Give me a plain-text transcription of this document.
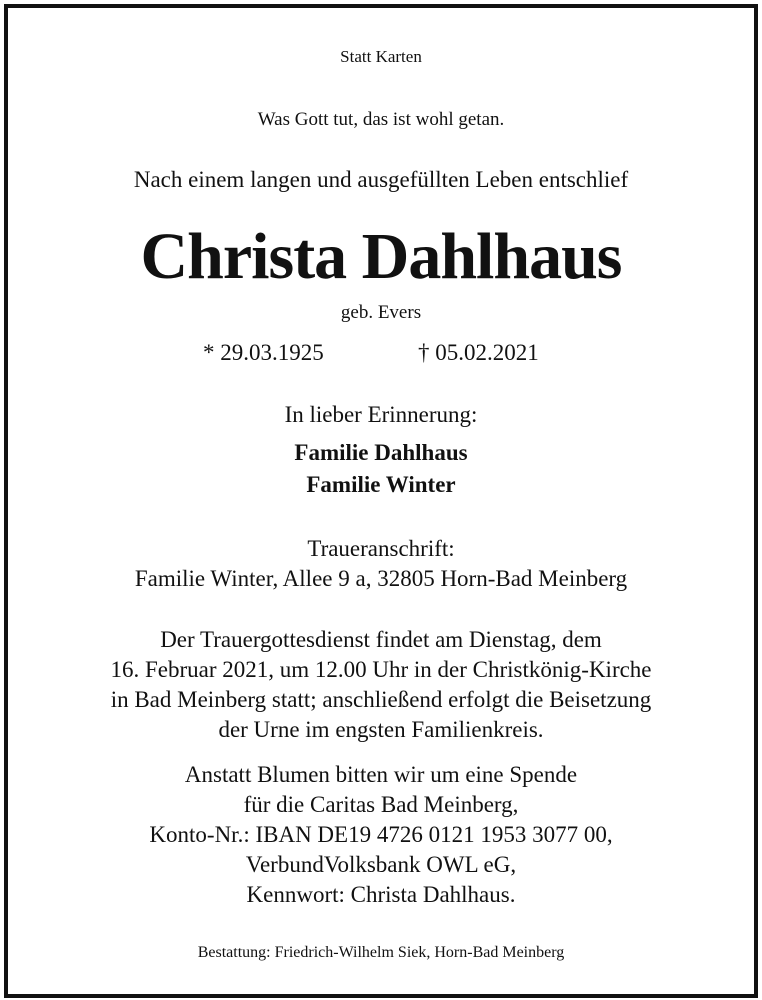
Statt Karten
Was Gott tut, das ist wohl getan.
Nach einem langen und ausgefüllten Leben entschlief
Christa Dahlhaus
geb. Evers
* 29.03.1925	† 05.02.2021
In lieber Erinnerung:
Familie Dahlhaus
Familie Winter
Traueranschrift:
Familie Winter, Allee 9 a, 32805 Horn-Bad Meinberg
Der Trauergottesdienst findet am Dienstag, dem
16. Februar 2021, um 12.00 Uhr in der Christkönig-Kirche
in Bad Meinberg statt; anschließend erfolgt die Beisetzung
der Urne im engsten Familienkreis.
Anstatt Blumen bitten wir um eine Spende
für die Caritas Bad Meinberg,
Konto-Nr.: IBAN DE19 4726 0121 1953 3077 00,
VerbundVolksbank OWL eG,
Kennwort: Christa Dahlhaus.
Bestattung: Friedrich-Wilhelm Siek, Horn-Bad Meinberg
